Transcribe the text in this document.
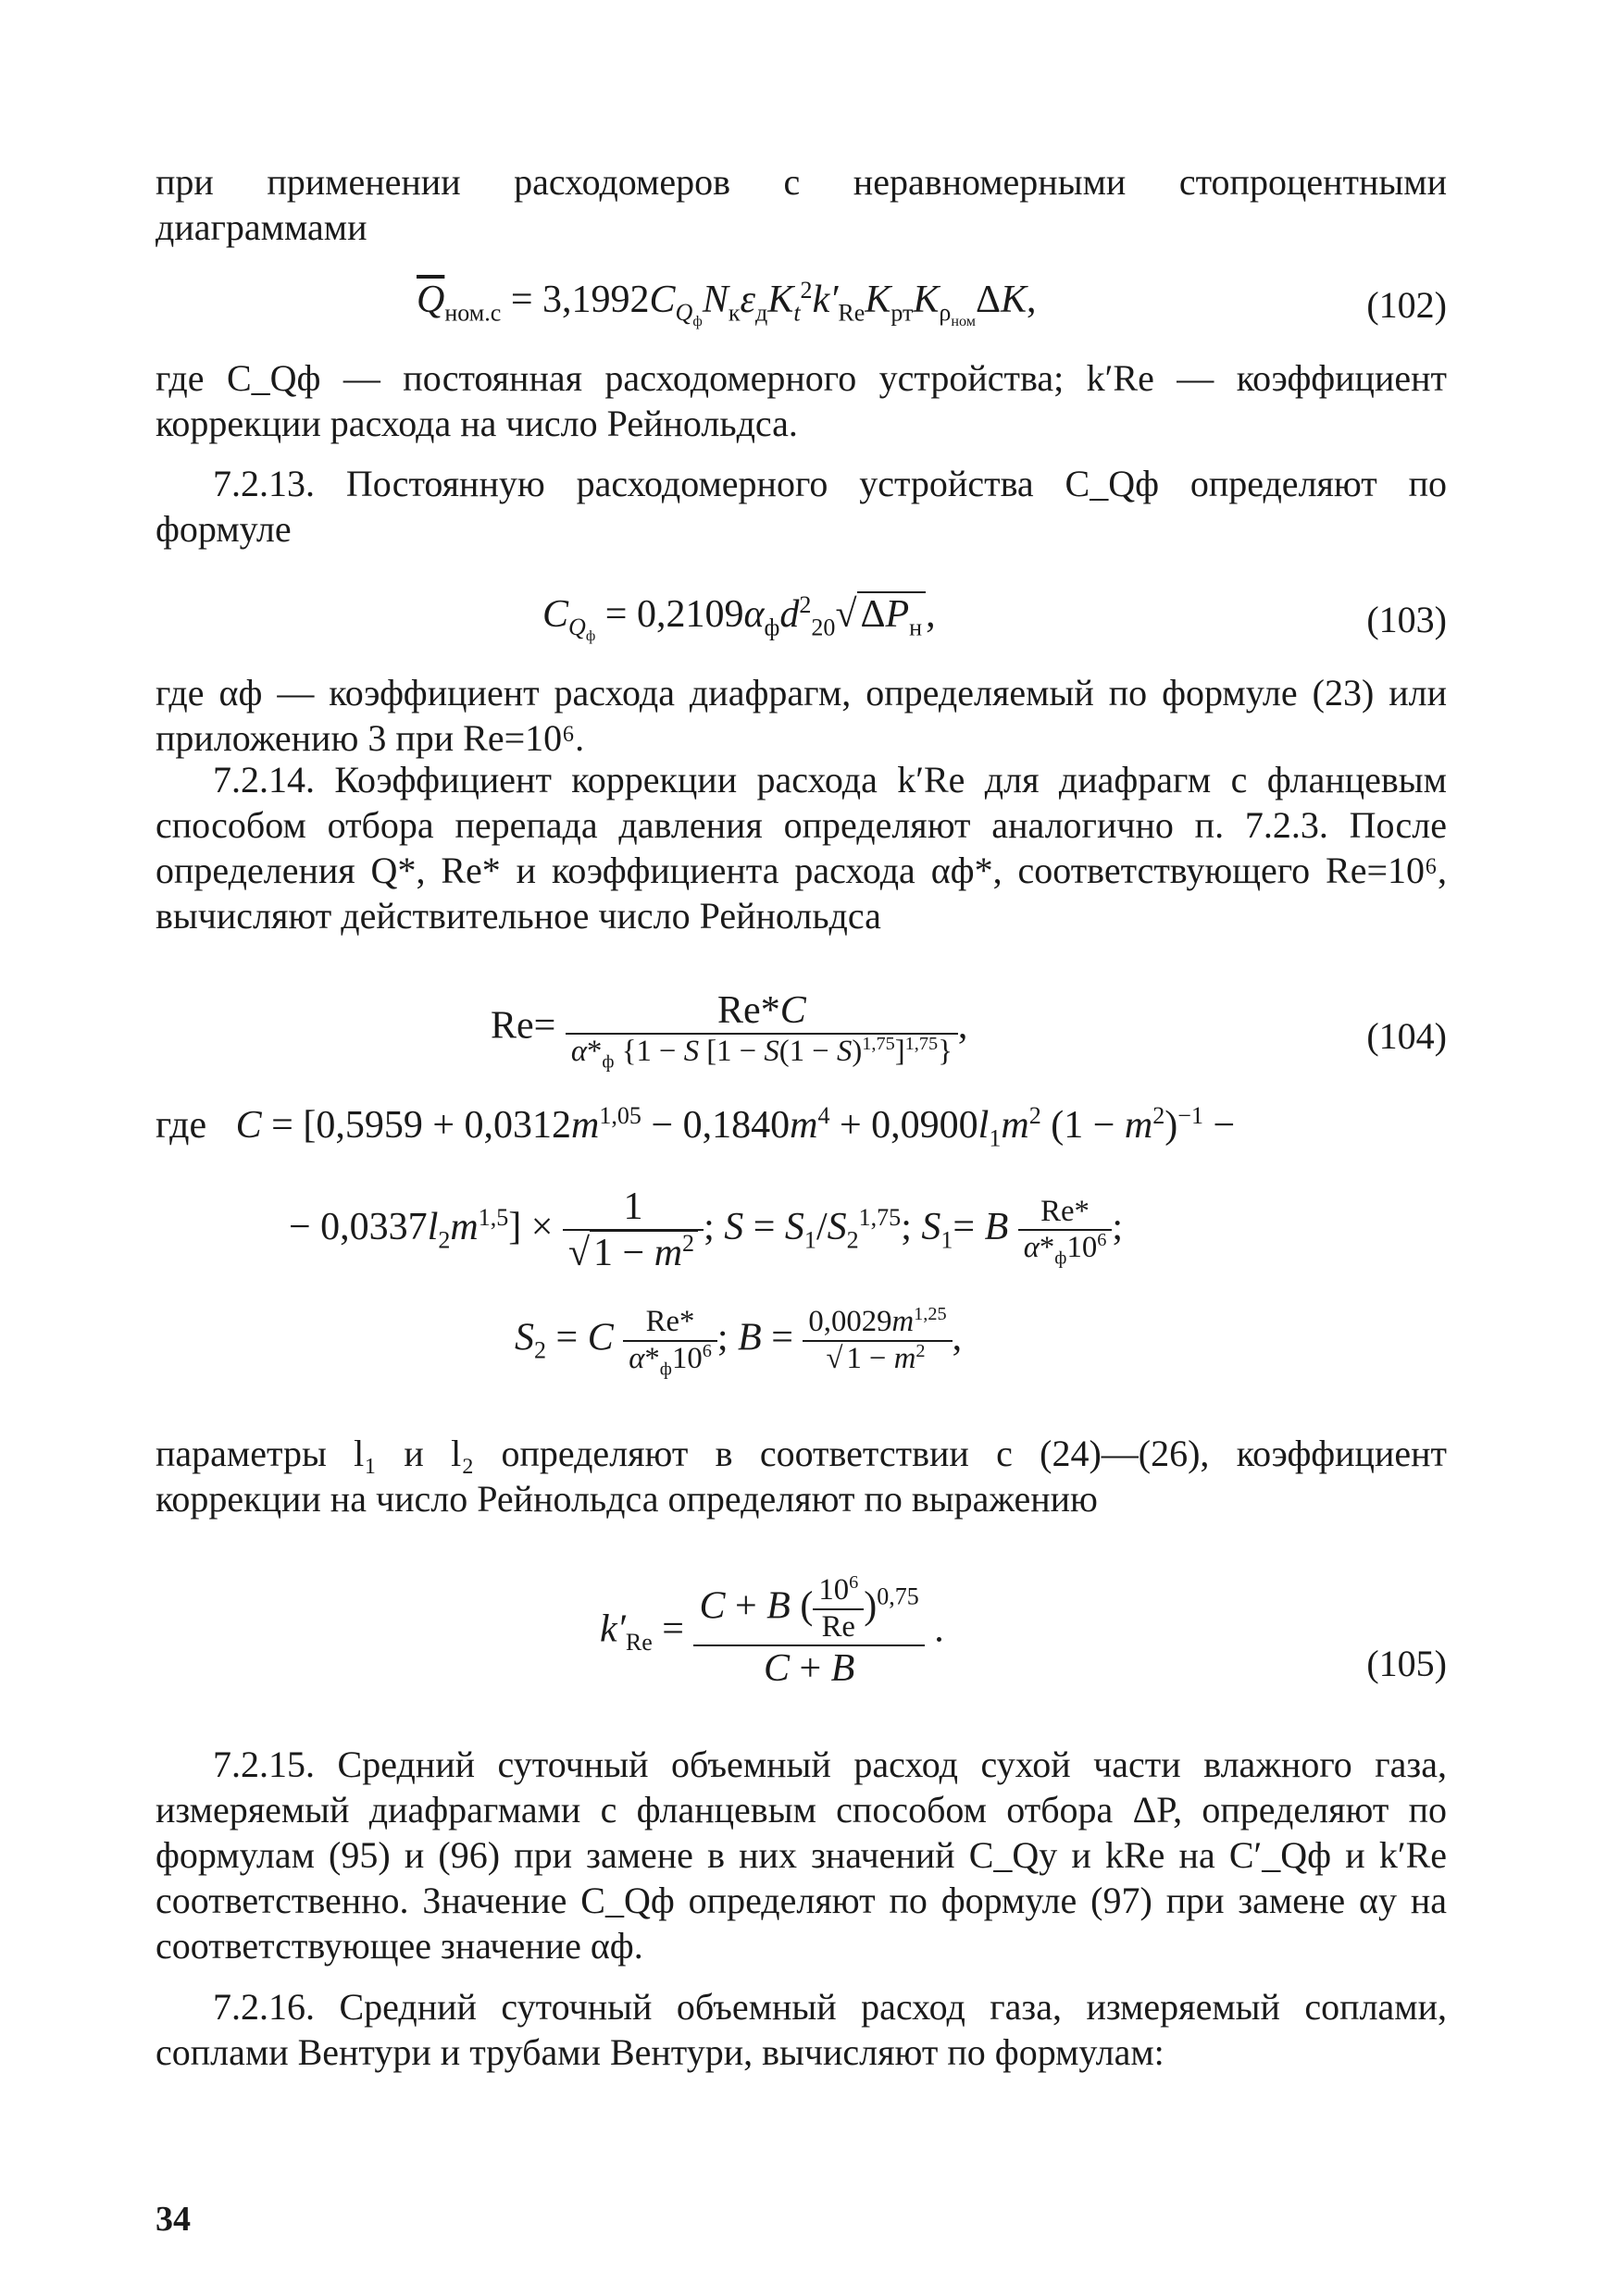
при применении расходомеров с неравномерными стопроцентными диаграммами

$\overline{Q}_{ном.с} = 3,1992C_{Q_ф}N_к\varepsilon_дK_t^2k'_{Re}K_{рт}K_{\rho_{ном}}\Delta K$,	(102)

где C_Qф — постоянная расходомерного устройства; k′Re — коэффициент коррекции расхода на число Рейнольдса.

7.2.13. Постоянную расходомерного устройства C_Qф определяют по формуле

$C_{Q_ф} = 0,2109\alpha_фd^2_{20}√\Delta P_н$,	(103)

где αф — коэффициент расхода диафрагм, определяемый по формуле (23) или приложению 3 при Re=10⁶.

7.2.14. Коэффициент коррекции расхода k′Re для диафрагм с фланцевым способом отбора перепада давления определяют аналогично п. 7.2.3. После определения Q*, Re* и коэффициента расхода αф*, соответствующего Re=10⁶, вычисляют действительное число Рейнольдса

$Re= \frac{Re*C}{\alpha*_ф \{1 - S [1 - S(1 - S)^{1,75}]^{1,75}\}}$ ,	(104)
где $C = [0,5959 + 0,0312m^{1,05} - 0,1840m^4 + 0,0900l_1m^2$ $(1 - m^2)^{-1}$ −
− $0,0337l_2m^{1,5}] \times \frac{1}{√1 - m^2}$ ; $S = S_1/S_2^{1,75}$; $S_1= B \frac{Re*}{\alpha*_ф10^6}$ ;
$S_2 = C \frac{Re*}{\alpha*_ф10^6}$ ; $B = \frac{0,0029m^{1,25}}{√ 1 - m^2}$ ,

параметры l₁ и l₂ определяют в соответствии с (24)—(26), коэффициент коррекции на число Рейнольдса определяют по выражению

$k'_{Re} = \frac{C + B ( \frac{10^6}{Re} )^{0,75}}{C + B}$ .
(105)

7.2.15. Средний суточный объемный расход сухой части влажного газа, измеряемый диафрагмами с фланцевым способом отбора ΔP, определяют по формулам (95) и (96) при замене в них значений C_Qу и kRe на C′_Qф и k′Re соответственно. Значение C_Qф определяют по формуле (97) при замене αу на соответствующее значение αф.

7.2.16. Средний суточный объемный расход газа, измеряемый соплами, соплами Вентури и трубами Вентури, вычисляют по формулам:

34
